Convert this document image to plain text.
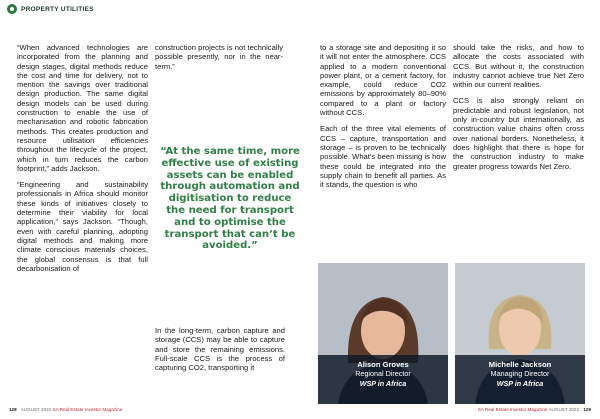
PROPERTY UTILITIES

“When advanced technologies are incorporated from the planning and design stages, digital methods reduce the cost and time for delivery, not to mention the savings over traditional design production. The same digital design models can be used during construction to enable the use of mechanisation and robotic fabrication methods. This creates production and resource utilisation efficiencies throughout the lifecycle of the project, which in turn reduces the carbon footprint,” adds Jackson.

“Engineering and sustainability professionals in Africa should monitor these kinds of initiatives closely to determine their viability for local application,” says Jackson. “Though, even with careful planning, adopting digital methods and making more climate conscious materials choices, the global consensus is that full decarbonisation of

construction projects is not technically possible presently, nor in the near-term.”

“At the same time, more effective use of existing assets can be enabled through automation and digitisation to reduce the need for transport and to optimise the transport that can’t be avoided.”

In the long-term, carbon capture and storage (CCS) may be able to capture and store the remaining emissions. Full-scale CCS is the process of capturing CO2, transporting it

to a storage site and depositing it so it will not enter the atmosphere. CCS applied to a modern conventional power plant, or a cement factory, for example, could reduce CO2 emissions by approximately 80–90% compared to a plant or factory without CCS.

Each of the three vital elements of CCS – capture, transportation and storage – is proven to be technically possible. What’s been missing is how these could be integrated into the supply chain to benefit all parties. As it stands, the question is who

should take the risks, and how to allocate the costs associated with CCS. But without it, the construction industry cannot achieve true Net Zero within our current realities.

CCS is also strongly reliant on predictable and robust legislation, not only in-country but internationally, as construction value chains often cross over national borders. Nonetheless, it does highlight that there is hope for the construction industry to make greater progress towards Net Zero.

Alison Groves
Regional Director
WSP in Africa
Michelle Jackson
Managing Director
WSP in Africa
128 AUGUST 2022 SA Real Estate Investor Magazine	SA Real Estate Investor Magazine AUGUST 2022 129
